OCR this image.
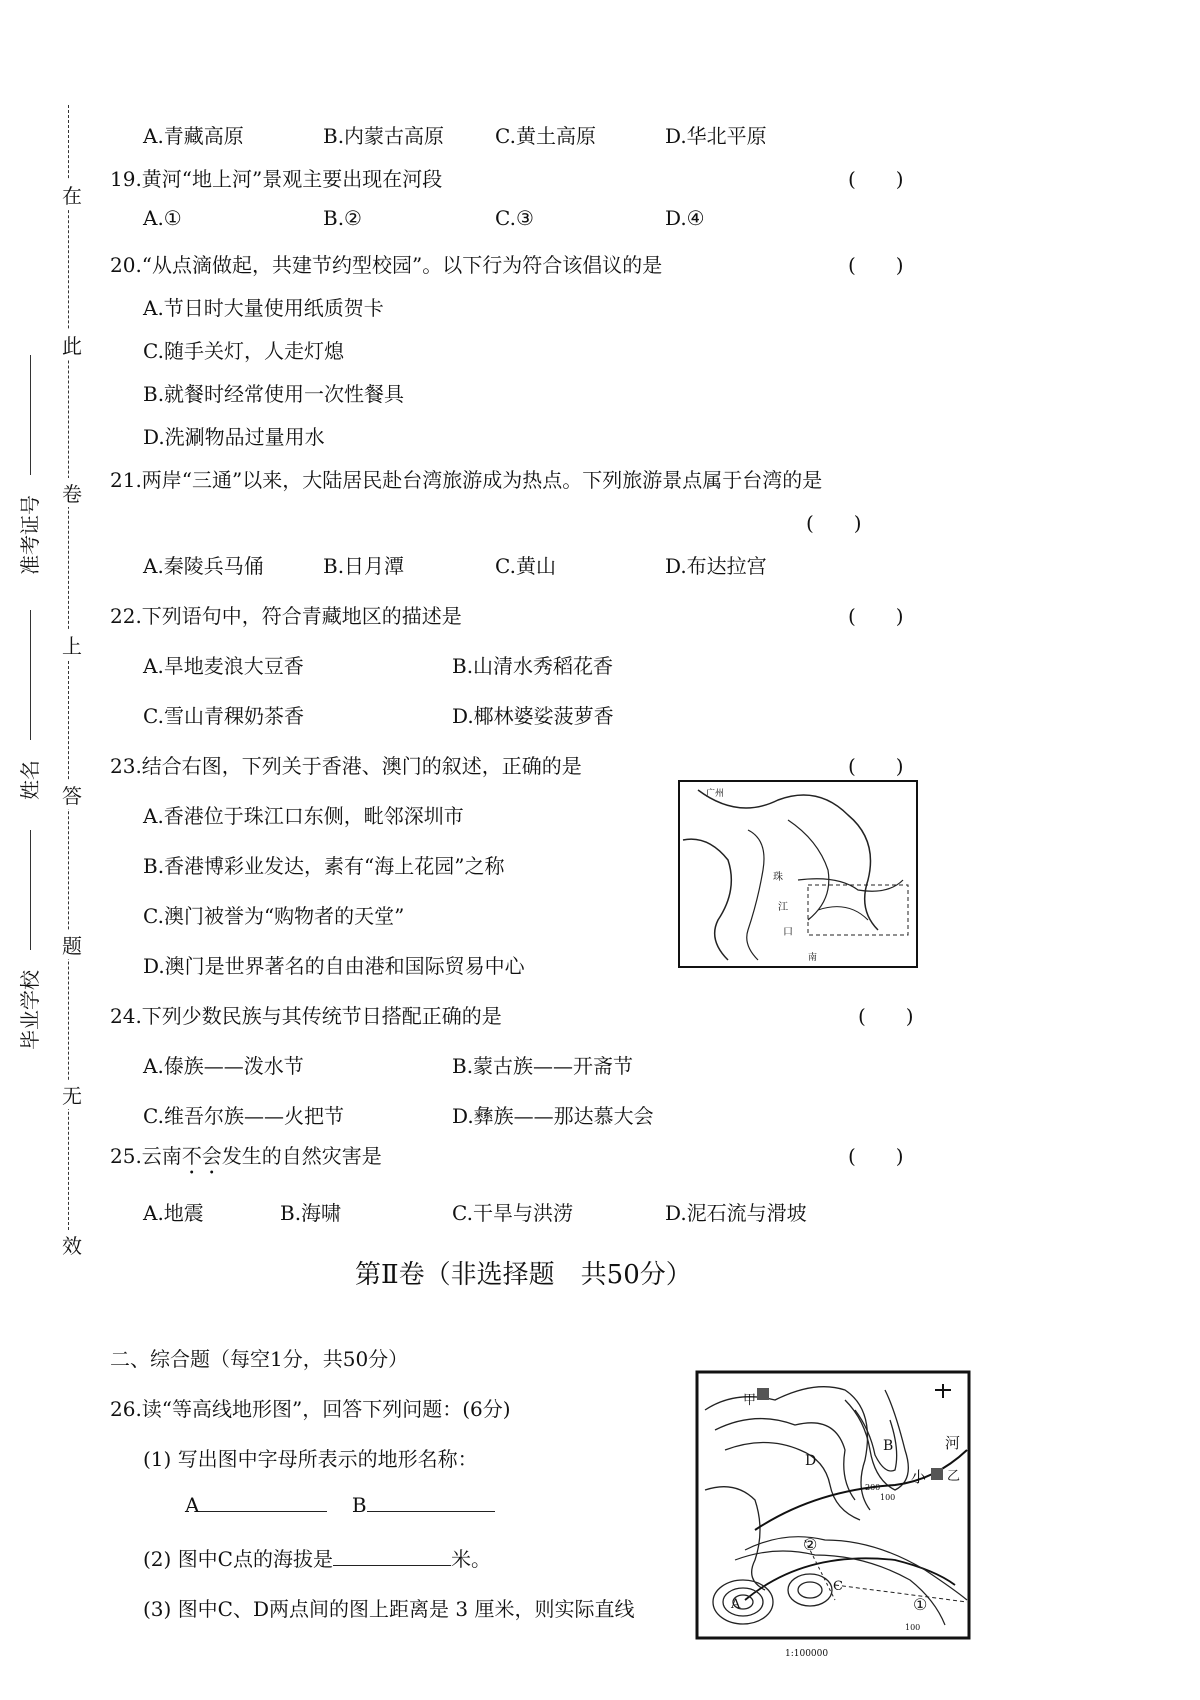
在
此
卷
上
答
题
无
效
准考证号
姓名
毕业学校
A.青藏高原	B.内蒙古高原	C.黄土高原	D.华北平原
19.黄河“地上河”景观主要出现在河段	(　　)
A.①	B.②	C.③	D.④
20.“从点滴做起，共建节约型校园”。以下行为符合该倡议的是	(　　)
A.节日时大量使用纸质贺卡
C.随手关灯，人走灯熄
B.就餐时经常使用一次性餐具
D.洗涮物品过量用水
21.两岸“三通”以来，大陆居民赴台湾旅游成为热点。下列旅游景点属于台湾的是
(　　)
A.秦陵兵马俑	B.日月潭	C.黄山	D.布达拉宫
22.下列语句中，符合青藏地区的描述是	(　　)
A.旱地麦浪大豆香	B.山清水秀稻花香
C.雪山青稞奶茶香	D.椰林婆娑菠萝香
23.结合右图，下列关于香港、澳门的叙述，正确的是	(　　)
A.香港位于珠江口东侧，毗邻深圳市
B.香港博彩业发达，素有“海上花园”之称
C.澳门被誉为“购物者的天堂”
D.澳门是世界著名的自由港和国际贸易中心
广州
珠
江
口
南
24.下列少数民族与其传统节日搭配正确的是	(　　)
A.傣族——泼水节	B.蒙古族——开斋节
C.维吾尔族——火把节	D.彝族——那达慕大会
25.云南不会发生的自然灾害是	(　　)
A.地震	B.海啸	C.干旱与洪涝	D.泥石流与滑坡
第Ⅱ卷（非选择题　共50分）
二、综合题（每空1分，共50分）
26.读“等高线地形图”，回答下列问题：(6分)
(1) 写出图中字母所表示的地形名称：
A	B
(2) 图中C点的海拔是	米。
(3) 图中C、D两点间的图上距离是 3 厘米，则实际直线
甲
B
D
河
小 乙
200
100
②
A
C
①
100
1:100000
